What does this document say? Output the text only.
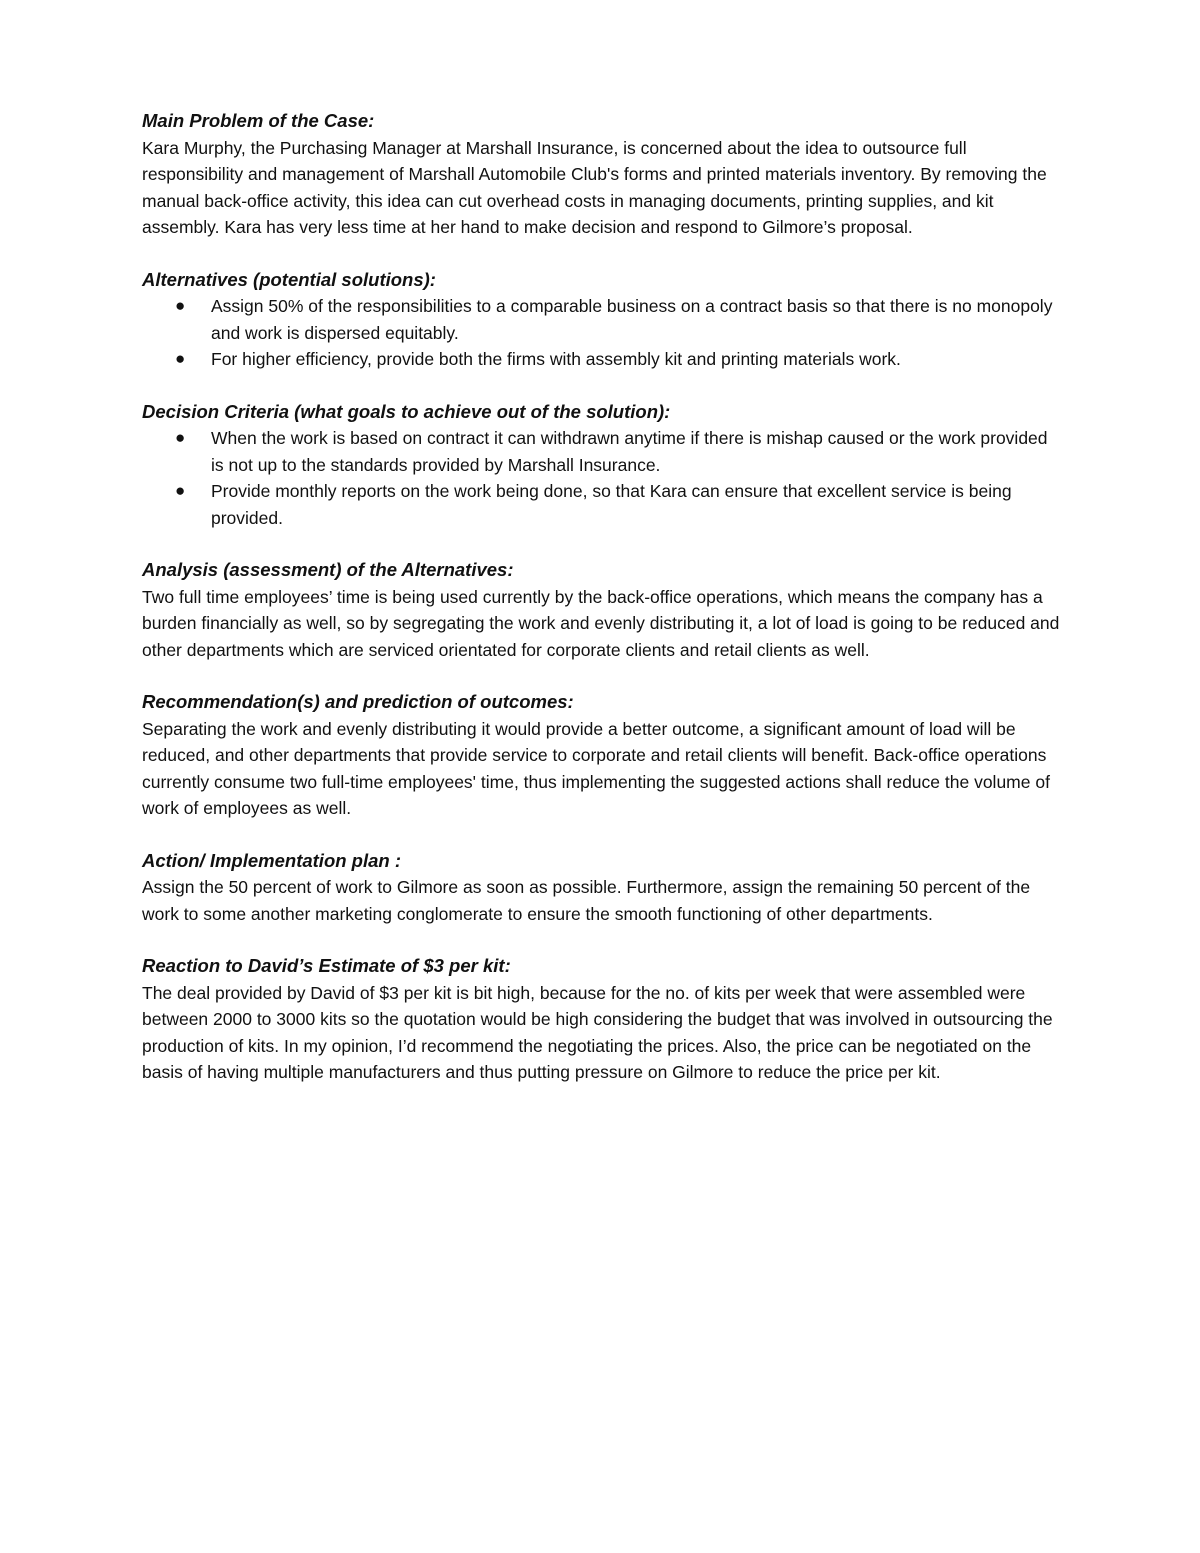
Main Problem of the Case:

Kara Murphy, the Purchasing Manager at Marshall Insurance, is concerned about the idea to outsource full responsibility and management of Marshall Automobile Club's forms and printed materials inventory. By removing the manual back-office activity, this idea can cut overhead costs in managing documents, printing supplies, and kit assembly. Kara has very less time at her hand to make decision and respond to Gilmore’s proposal.

Alternatives (potential solutions):

● Assign 50% of the responsibilities to a comparable business on a contract basis so that there is no monopoly and work is dispersed equitably.
● For higher efficiency, provide both the firms with assembly kit and printing materials work.

Decision Criteria (what goals to achieve out of the solution):

● When the work is based on contract it can withdrawn anytime if there is mishap caused or the work provided is not up to the standards provided by Marshall Insurance.
● Provide monthly reports on the work being done, so that Kara can ensure that excellent service is being provided.

Analysis (assessment) of the Alternatives:

Two full time employees’ time is being used currently by the back-office operations, which means the company has a burden financially as well, so by segregating the work and evenly distributing it, a lot of load is going to be reduced and other departments which are serviced orientated for corporate clients and retail clients as well.

Recommendation(s) and prediction of outcomes:

Separating the work and evenly distributing it would provide a better outcome, a significant amount of load will be reduced, and other departments that provide service to corporate and retail clients will benefit. Back-office operations currently consume two full-time employees' time, thus implementing the suggested actions shall reduce the volume of work of employees as well.

Action/ Implementation plan :

Assign the 50 percent of work to Gilmore as soon as possible. Furthermore, assign the remaining 50 percent of the work to some another marketing conglomerate to ensure the smooth functioning of other departments.

Reaction to David’s Estimate of $3 per kit:

The deal provided by David of $3 per kit is bit high, because for the no. of kits per week that were assembled were between 2000 to 3000 kits so the quotation would be high considering the budget that was involved in outsourcing the production of kits. In my opinion, I’d recommend the negotiating the prices. Also, the price can be negotiated on the basis of having multiple manufacturers and thus putting pressure on Gilmore to reduce the price per kit.
